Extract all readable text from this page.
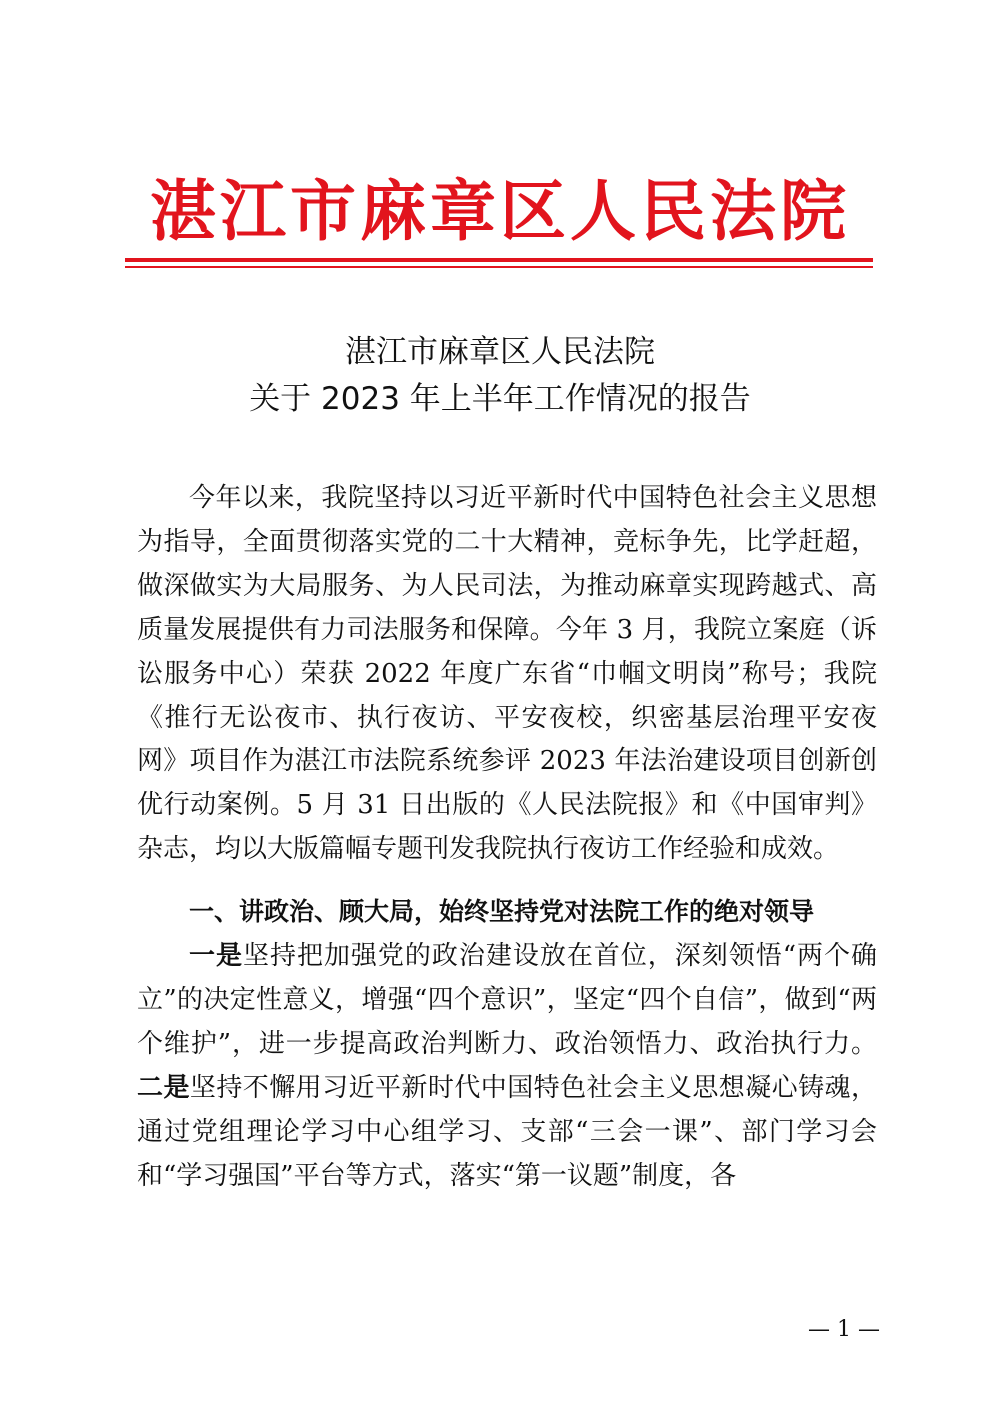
湛江市麻章区人民法院
湛江市麻章区人民法院
关于 2023 年上半年工作情况的报告
今年以来，我院坚持以习近平新时代中国特色社会主义思想为指导，全面贯彻落实党的二十大精神，竞标争先，比学赶超，做深做实为大局服务、为人民司法，为推动麻章实现跨越式、高质量发展提供有力司法服务和保障。今年 3 月，我院立案庭（诉讼服务中心）荣获 2022 年度广东省“巾帼文明岗”称号；我院《推行无讼夜市、执行夜访、平安夜校，织密基层治理平安夜网》项目作为湛江市法院系统参评 2023 年法治建设项目创新创优行动案例。5 月 31 日出版的《人民法院报》和《中国审判》杂志，均以大版篇幅专题刊发我院执行夜访工作经验和成效。
一、讲政治、顾大局，始终坚持党对法院工作的绝对领导
一是坚持把加强党的政治建设放在首位，深刻领悟“两个确立”的决定性意义，增强“四个意识”，坚定“四个自信”，做到“两个维护”，进一步提高政治判断力、政治领悟力、政治执行力。二是坚持不懈用习近平新时代中国特色社会主义思想凝心铸魂，通过党组理论学习中心组学习、支部“三会一课”、部门学习会和“学习强国”平台等方式，落实“第一议题”制度，各
— 1 —
